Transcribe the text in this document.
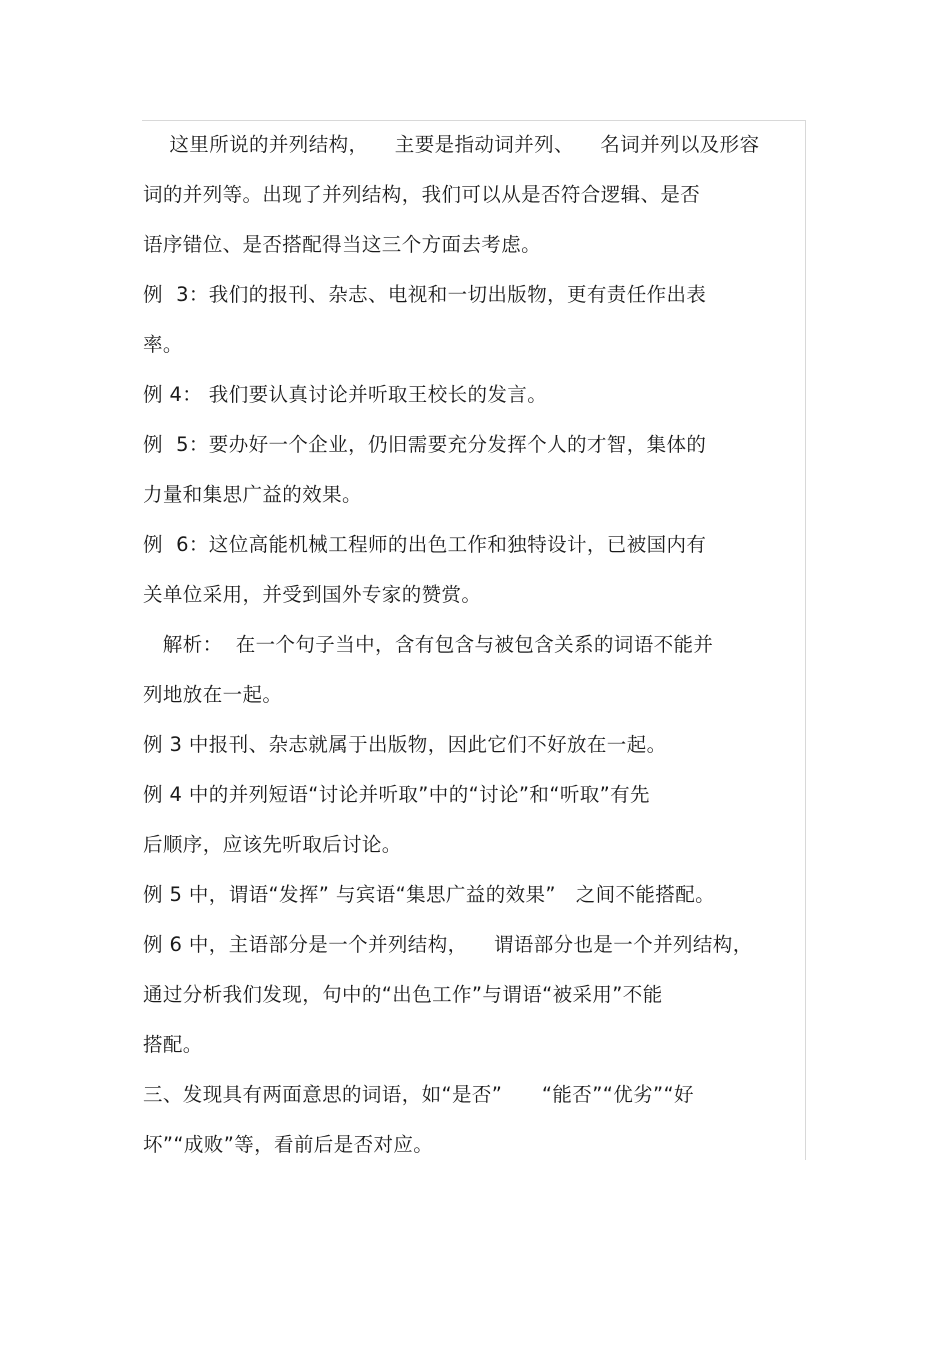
这里所说的并列结构，    主要是指动词并列、    名词并列以及形容
词的并列等。出现了并列结构，我们可以从是否符合逻辑、是否
语序错位、是否搭配得当这三个方面去考虑。
例  3：我们的报刊、杂志、电视和一切出版物，更有责任作出表
率。
例 4： 我们要认真讨论并听取王校长的发言。
例  5：要办好一个企业，仍旧需要充分发挥个人的才智，集体的
力量和集思广益的效果。
例  6：这位高能机械工程师的出色工作和独特设计，已被国内有
关单位采用，并受到国外专家的赞赏。
解析：  在一个句子当中，含有包含与被包含关系的词语不能并
列地放在一起。
例 3 中报刊、杂志就属于出版物，因此它们不好放在一起。
例 4 中的并列短语“讨论并听取”中的“讨论”和“听取”有先
后顺序，应该先听取后讨论。
例 5 中，谓语“发挥” 与宾语“集思广益的效果”   之间不能搭配。
例 6 中，主语部分是一个并列结构，    谓语部分也是一个并列结构，
通过分析我们发现，句中的“出色工作”与谓语“被采用”不能
搭配。
三、发现具有两面意思的词语，如“是否”      “能否”“优劣”“好
坏”“成败”等，看前后是否对应。
